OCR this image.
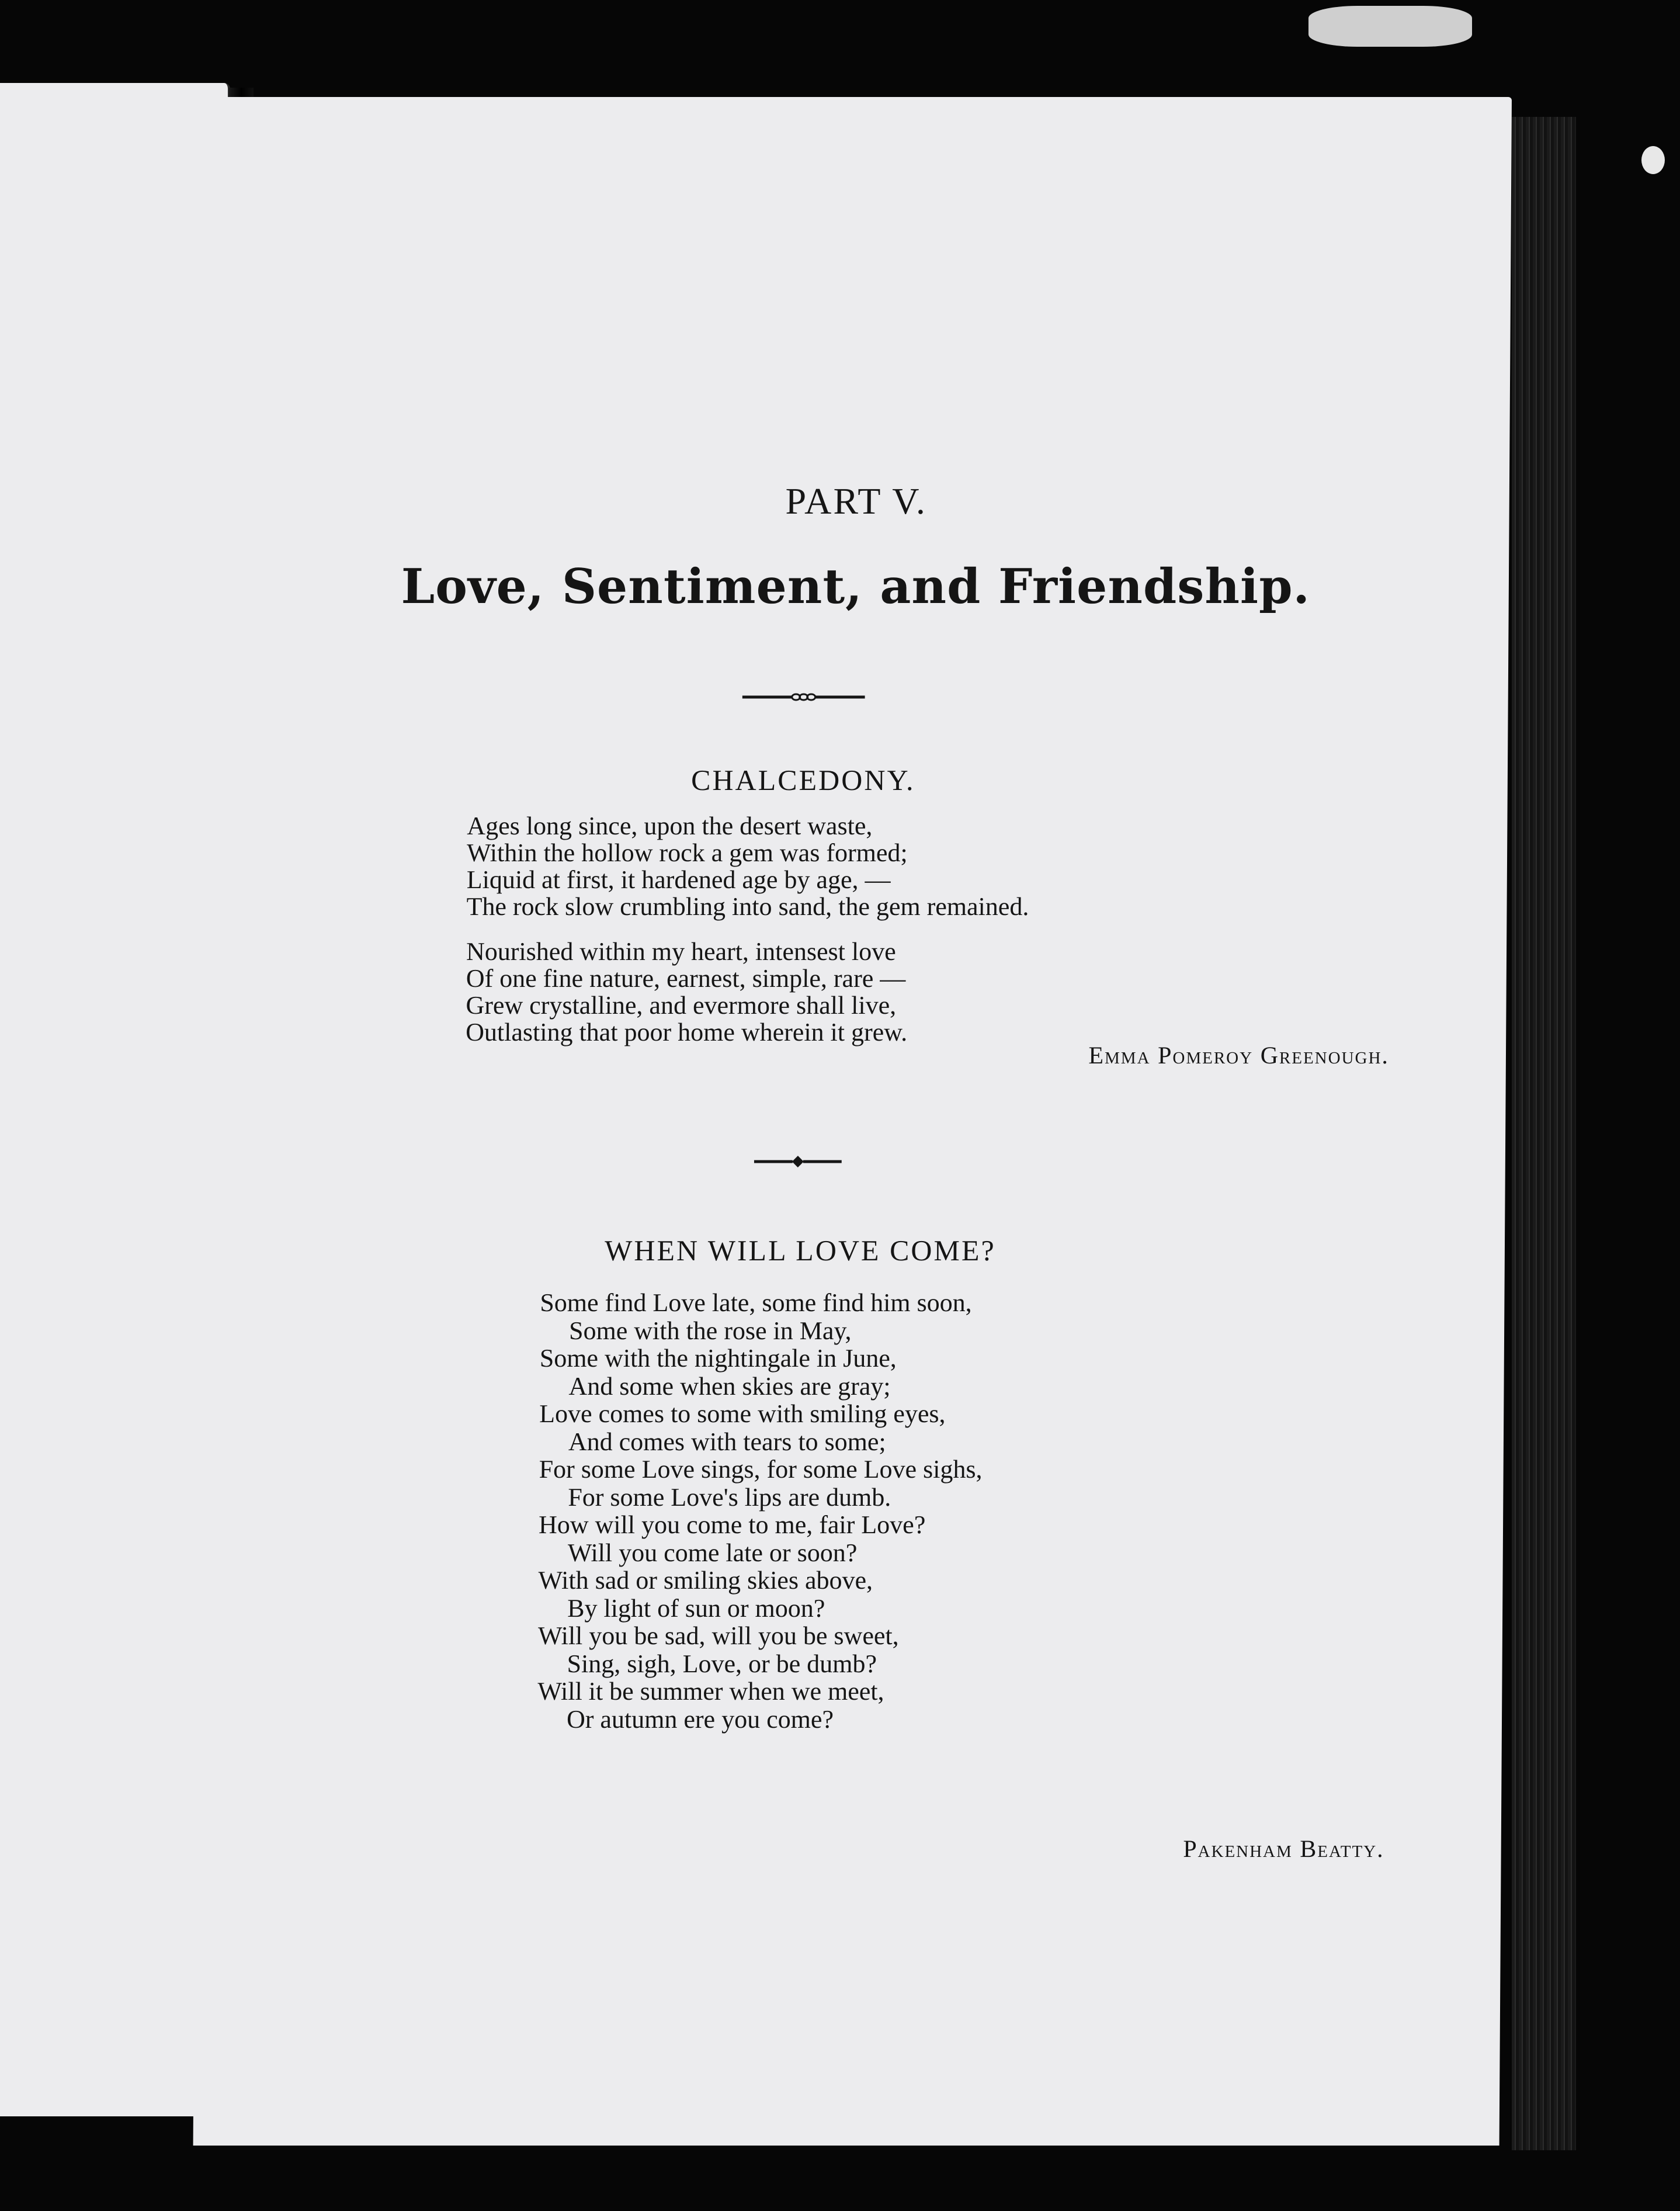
PART V.
Love, Sentiment, and Friendship.
CHALCEDONY.
Ages long since, upon the desert waste,
Within the hollow rock a gem was formed;
Liquid at first, it hardened age by age, —
The rock slow crumbling into sand, the gem remained.
Nourished within my heart, intensest love
Of one fine nature, earnest, simple, rare —
Grew crystalline, and evermore shall live,
Outlasting that poor home wherein it grew.

Emma Pomeroy Greenough.

WHEN WILL LOVE COME?
Some find Love late, some find him soon,
Some with the rose in May,
Some with the nightingale in June,
And some when skies are gray;
Love comes to some with smiling eyes,
And comes with tears to some;
For some Love sings, for some Love sighs,
For some Love's lips are dumb.
How will you come to me, fair Love?
Will you come late or soon?
With sad or smiling skies above,
By light of sun or moon?
Will you be sad, will you be sweet,
Sing, sigh, Love, or be dumb?
Will it be summer when we meet,
Or autumn ere you come?

Pakenham Beatty.
